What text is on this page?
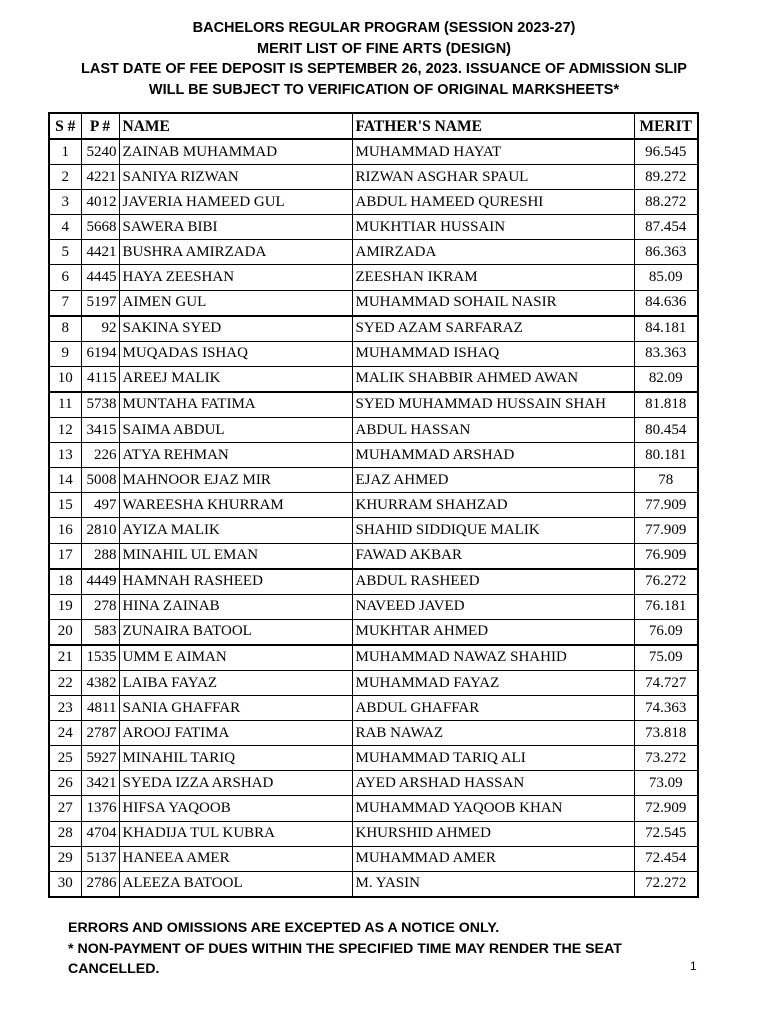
BACHELORS REGULAR PROGRAM (SESSION 2023-27)
MERIT LIST OF FINE ARTS (DESIGN)
LAST DATE OF FEE DEPOSIT IS SEPTEMBER 26, 2023. ISSUANCE OF ADMISSION SLIP
WILL BE SUBJECT TO VERIFICATION OF ORIGINAL MARKSHEETS*
S #	P #	NAME	FATHER'S NAME	MERIT
1	5240	ZAINAB MUHAMMAD	MUHAMMAD HAYAT	96.545
2	4221	SANIYA RIZWAN	RIZWAN ASGHAR SPAUL	89.272
3	4012	JAVERIA HAMEED GUL	ABDUL HAMEED QURESHI	88.272
4	5668	SAWERA BIBI	MUKHTIAR HUSSAIN	87.454
5	4421	BUSHRA AMIRZADA	AMIRZADA	86.363
6	4445	HAYA ZEESHAN	ZEESHAN IKRAM	85.09
7	5197	AIMEN GUL	MUHAMMAD SOHAIL NASIR	84.636
8	92	SAKINA SYED	SYED AZAM SARFARAZ	84.181
9	6194	MUQADAS ISHAQ	MUHAMMAD ISHAQ	83.363
10	4115	AREEJ MALIK	MALIK SHABBIR AHMED AWAN	82.09
11	5738	MUNTAHA FATIMA	SYED MUHAMMAD HUSSAIN SHAH	81.818
12	3415	SAIMA ABDUL	ABDUL HASSAN	80.454
13	226	ATYA REHMAN	MUHAMMAD ARSHAD	80.181
14	5008	MAHNOOR EJAZ MIR	EJAZ AHMED	78
15	497	WAREESHA KHURRAM	KHURRAM SHAHZAD	77.909
16	2810	AYIZA MALIK	SHAHID SIDDIQUE MALIK	77.909
17	288	MINAHIL UL EMAN	FAWAD AKBAR	76.909
18	4449	HAMNAH RASHEED	ABDUL RASHEED	76.272
19	278	HINA ZAINAB	NAVEED JAVED	76.181
20	583	ZUNAIRA BATOOL	MUKHTAR AHMED	76.09
21	1535	UMM E AIMAN	MUHAMMAD NAWAZ SHAHID	75.09
22	4382	LAIBA FAYAZ	MUHAMMAD FAYAZ	74.727
23	4811	SANIA GHAFFAR	ABDUL GHAFFAR	74.363
24	2787	AROOJ FATIMA	RAB NAWAZ	73.818
25	5927	MINAHIL TARIQ	MUHAMMAD TARIQ ALI	73.272
26	3421	SYEDA IZZA ARSHAD	AYED ARSHAD HASSAN	73.09
27	1376	HIFSA YAQOOB	MUHAMMAD YAQOOB KHAN	72.909
28	4704	KHADIJA TUL KUBRA	KHURSHID AHMED	72.545
29	5137	HANEEA AMER	MUHAMMAD AMER	72.454
30	2786	ALEEZA BATOOL	M. YASIN	72.272
ERRORS AND OMISSIONS ARE EXCEPTED AS A NOTICE ONLY.
* NON-PAYMENT OF DUES WITHIN THE SPECIFIED TIME MAY RENDER THE SEAT
CANCELLED.	1
